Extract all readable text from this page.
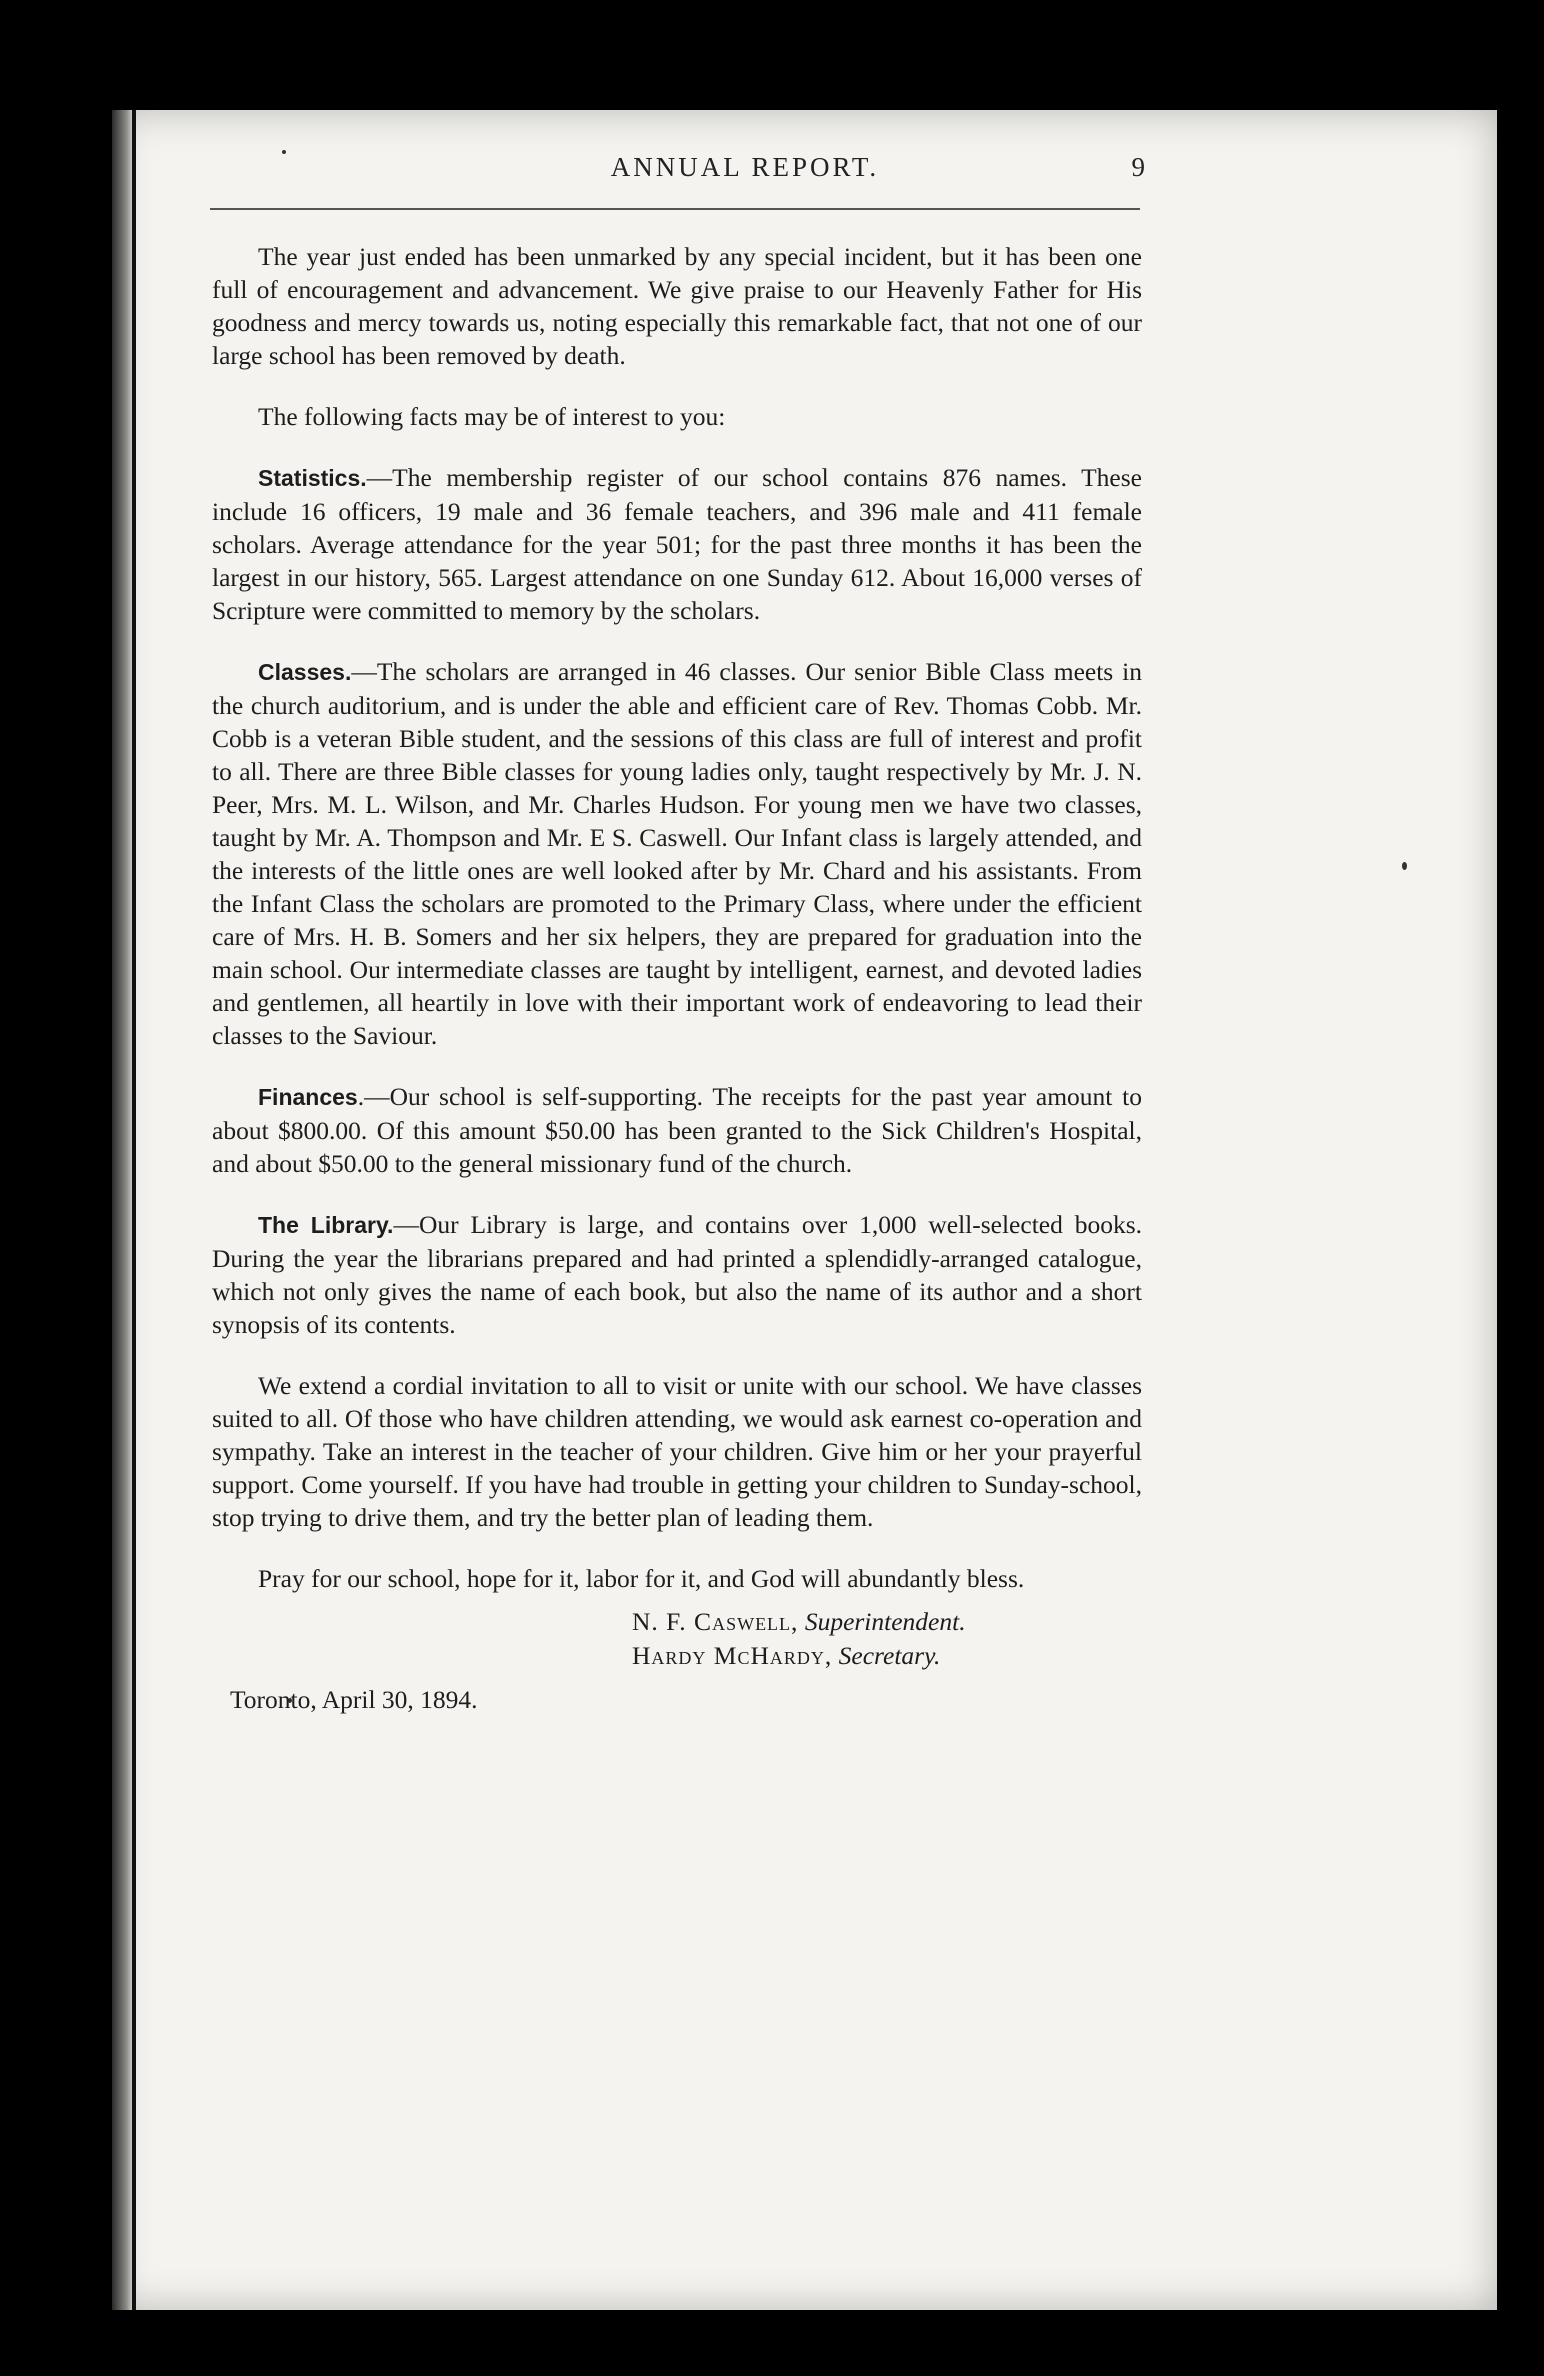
ANNUAL REPORT.	9

The year just ended has been unmarked by any special incident, but it has been one full of encouragement and advancement. We give praise to our Heavenly Father for His goodness and mercy towards us, noting especially this remarkable fact, that not one of our large school has been removed by death.

The following facts may be of interest to you:

Statistics.—The membership register of our school contains 876 names. These include 16 officers, 19 male and 36 female teachers, and 396 male and 411 female scholars. Average attendance for the year 501; for the past three months it has been the largest in our history, 565. Largest attendance on one Sunday 612. About 16,000 verses of Scripture were committed to memory by the scholars.

Classes.—The scholars are arranged in 46 classes. Our senior Bible Class meets in the church auditorium, and is under the able and efficient care of Rev. Thomas Cobb. Mr. Cobb is a veteran Bible student, and the sessions of this class are full of interest and profit to all. There are three Bible classes for young ladies only, taught respectively by Mr. J. N. Peer, Mrs. M. L. Wilson, and Mr. Charles Hudson. For young men we have two classes, taught by Mr. A. Thompson and Mr. E S. Caswell. Our Infant class is largely attended, and the interests of the little ones are well looked after by Mr. Chard and his assistants. From the Infant Class the scholars are promoted to the Primary Class, where under the efficient care of Mrs. H. B. Somers and her six helpers, they are prepared for graduation into the main school. Our intermediate classes are taught by intelligent, earnest, and devoted ladies and gentlemen, all heartily in love with their important work of endeavoring to lead their classes to the Saviour.

Finances.—Our school is self-supporting. The receipts for the past year amount to about $800.00. Of this amount $50.00 has been granted to the Sick Children's Hospital, and about $50.00 to the general missionary fund of the church.

The Library.—Our Library is large, and contains over 1,000 well-selected books. During the year the librarians prepared and had printed a splendidly-arranged catalogue, which not only gives the name of each book, but also the name of its author and a short synopsis of its contents.

We extend a cordial invitation to all to visit or unite with our school. We have classes suited to all. Of those who have children attending, we would ask earnest co-operation and sympathy. Take an interest in the teacher of your children. Give him or her your prayerful support. Come yourself. If you have had trouble in getting your children to Sunday-school, stop trying to drive them, and try the better plan of leading them.

Pray for our school, hope for it, labor for it, and God will abundantly bless.

N. F. Caswell, Superintendent.
Hardy McHardy, Secretary.
Toronto, April 30, 1894.
